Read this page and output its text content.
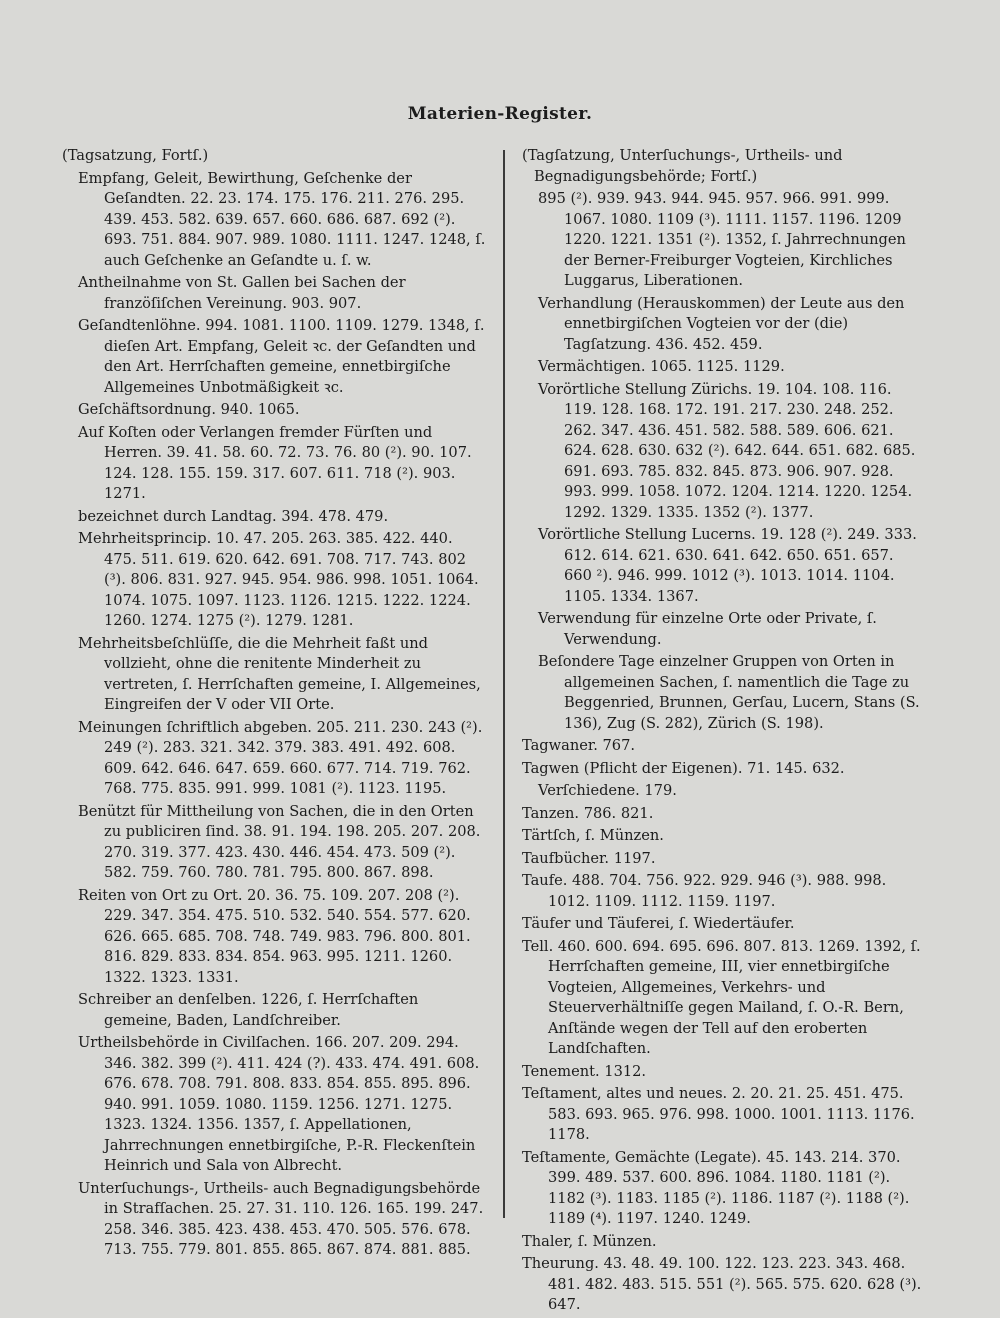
Materien-Register.
(Tagsatzung, Fortſ.)
Empfang, Geleit, Bewirthung, Geſchenke der Geſandten. 22. 23. 174. 175. 176. 211. 276. 295. 439. 453. 582. 639. 657. 660. 686. 687. 692 (²). 693. 751. 884. 907. 989. 1080. 1111. 1247. 1248, ſ. auch Geſchenke an Geſandte u. ſ. w.
Antheilnahme von St. Gallen bei Sachen der franzöſiſchen Vereinung. 903. 907.
Geſandtenlöhne. 994. 1081. 1100. 1109. 1279. 1348, ſ. dieſen Art. Empfang, Geleit ꝛc. der Geſandten und den Art. Herrſchaften gemeine, ennetbirgiſche Allgemeines Unbotmäßigkeit ꝛc.
Geſchäftsordnung. 940. 1065.
Auf Koſten oder Verlangen fremder Fürſten und Herren. 39. 41. 58. 60. 72. 73. 76. 80 (²). 90. 107. 124. 128. 155. 159. 317. 607. 611. 718 (²). 903. 1271.
bezeichnet durch Landtag. 394. 478. 479.
Mehrheitsprincip. 10. 47. 205. 263. 385. 422. 440. 475. 511. 619. 620. 642. 691. 708. 717. 743. 802 (³). 806. 831. 927. 945. 954. 986. 998. 1051. 1064. 1074. 1075. 1097. 1123. 1126. 1215. 1222. 1224. 1260. 1274. 1275 (²). 1279. 1281.
Mehrheitsbeſchlüſſe, die die Mehrheit faßt und vollzieht, ohne die renitente Minderheit zu vertreten, ſ. Herrſchaften gemeine, I. Allgemeines, Eingreifen der V oder VII Orte.
Meinungen ſchriftlich abgeben. 205. 211. 230. 243 (²). 249 (²). 283. 321. 342. 379. 383. 491. 492. 608. 609. 642. 646. 647. 659. 660. 677. 714. 719. 762. 768. 775. 835. 991. 999. 1081 (²). 1123. 1195.
Benützt für Mittheilung von Sachen, die in den Orten zu publiciren ſind. 38. 91. 194. 198. 205. 207. 208. 270. 319. 377. 423. 430. 446. 454. 473. 509 (²). 582. 759. 760. 780. 781. 795. 800. 867. 898.
Reiten von Ort zu Ort. 20. 36. 75. 109. 207. 208 (²). 229. 347. 354. 475. 510. 532. 540. 554. 577. 620. 626. 665. 685. 708. 748. 749. 983. 796. 800. 801. 816. 829. 833. 834. 854. 963. 995. 1211. 1260. 1322. 1323. 1331.
Schreiber an denſelben. 1226, ſ. Herrſchaften gemeine, Baden, Landſchreiber.
Urtheilsbehörde in Civilſachen. 166. 207. 209. 294. 346. 382. 399 (²). 411. 424 (?). 433. 474. 491. 608. 676. 678. 708. 791. 808. 833. 854. 855. 895. 896. 940. 991. 1059. 1080. 1159. 1256. 1271. 1275. 1323. 1324. 1356. 1357, ſ. Appellationen, Jahrrechnungen ennetbirgiſche, P.-R. Fleckenſtein Heinrich und Sala von Albrecht.
Unterſuchungs-, Urtheils- auch Begnadigungsbehörde in Strafſachen. 25. 27. 31. 110. 126. 165. 199. 247. 258. 346. 385. 423. 438. 453. 470. 505. 576. 678. 713. 755. 779. 801. 855. 865. 867. 874. 881. 885.
(Tagſatzung, Unterſuchungs-, Urtheils- und Begnadigungsbehörde; Fortſ.)
895 (²). 939. 943. 944. 945. 957. 966. 991. 999. 1067. 1080. 1109 (³). 1111. 1157. 1196. 1209 1220. 1221. 1351 (²). 1352, ſ. Jahrrechnungen der Berner-Freiburger Vogteien, Kirchliches Luggarus, Liberationen.
Verhandlung (Herauskommen) der Leute aus den ennetbirgiſchen Vogteien vor der (die) Tagſatzung. 436. 452. 459.
Vermächtigen. 1065. 1125. 1129.
Vorörtliche Stellung Zürichs. 19. 104. 108. 116. 119. 128. 168. 172. 191. 217. 230. 248. 252. 262. 347. 436. 451. 582. 588. 589. 606. 621. 624. 628. 630. 632 (²). 642. 644. 651. 682. 685. 691. 693. 785. 832. 845. 873. 906. 907. 928. 993. 999. 1058. 1072. 1204. 1214. 1220. 1254. 1292. 1329. 1335. 1352 (²). 1377.
Vorörtliche Stellung Lucerns. 19. 128 (²). 249. 333. 612. 614. 621. 630. 641. 642. 650. 651. 657. 660 ²). 946. 999. 1012 (³). 1013. 1014. 1104. 1105. 1334. 1367.
Verwendung für einzelne Orte oder Private, ſ. Verwendung.
Beſondere Tage einzelner Gruppen von Orten in allgemeinen Sachen, ſ. namentlich die Tage zu Beggenried, Brunnen, Gerſau, Lucern, Stans (S. 136), Zug (S. 282), Zürich (S. 198).
Tagwaner. 767.
Tagwen (Pflicht der Eigenen). 71. 145. 632.
Verſchiedene. 179.
Tanzen. 786. 821.
Tärtſch, ſ. Münzen.
Taufbücher. 1197.
Taufe. 488. 704. 756. 922. 929. 946 (³). 988. 998. 1012. 1109. 1112. 1159. 1197.
Täufer und Täuferei, ſ. Wiedertäufer.
Tell. 460. 600. 694. 695. 696. 807. 813. 1269. 1392, ſ. Herrſchaften gemeine, III, vier ennetbirgiſche Vogteien, Allgemeines, Verkehrs- und Steuerverhältniſſe gegen Mailand, ſ. O.-R. Bern, Anſtände wegen der Tell auf den eroberten Landſchaften.
Tenement. 1312.
Teſtament, altes und neues. 2. 20. 21. 25. 451. 475. 583. 693. 965. 976. 998. 1000. 1001. 1113. 1176. 1178.
Teſtamente, Gemächte (Legate). 45. 143. 214. 370. 399. 489. 537. 600. 896. 1084. 1180. 1181 (²). 1182 (³). 1183. 1185 (²). 1186. 1187 (²). 1188 (²). 1189 (⁴). 1197. 1240. 1249.
Thaler, ſ. Münzen.
Theurung. 43. 48. 49. 100. 122. 123. 223. 343. 468. 481. 482. 483. 515. 551 (²). 565. 575. 620. 628 (³). 647.
